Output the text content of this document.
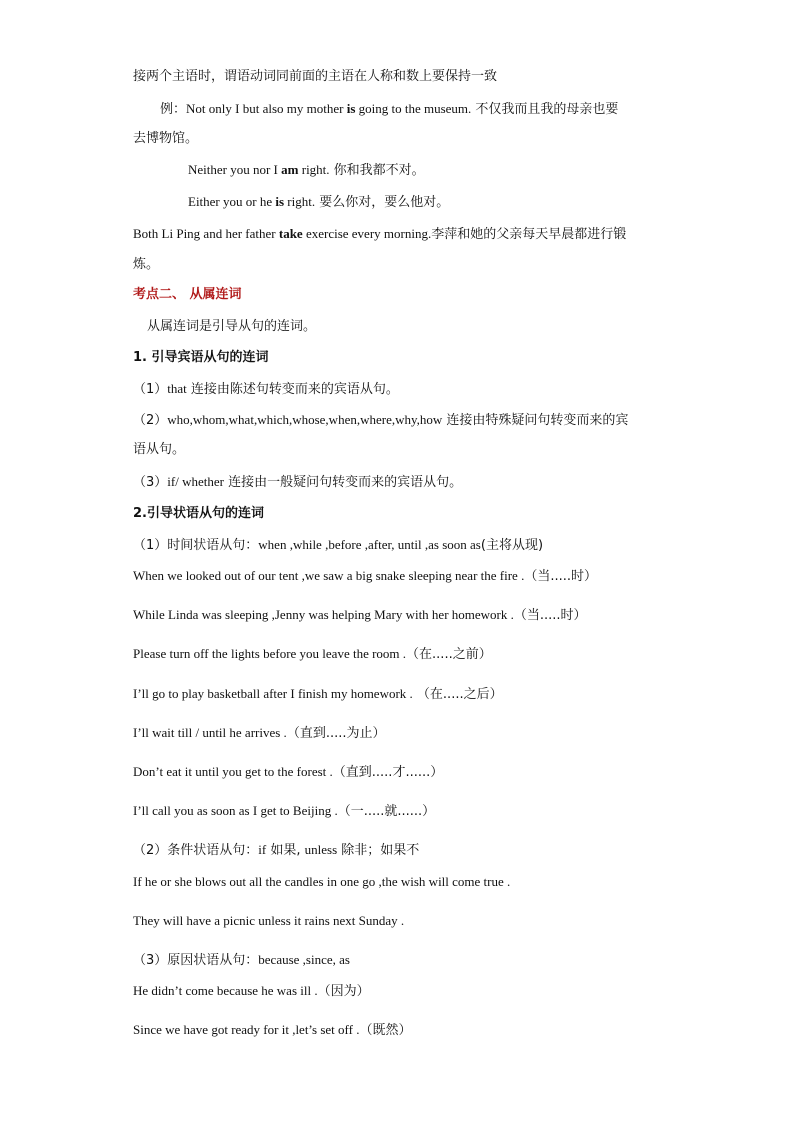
接两个主语时，谓语动词同前面的主语在人称和数上要保持一致
例：Not only I but also my mother is going to the museum. 不仅我而且我的母亲也要
去博物馆。
Neither you nor I am right. 你和我都不对。
Either you or he is right. 要么你对，要么他对。
Both Li Ping and her father take exercise every morning.李萍和她的父亲每天早晨都进行锻
炼。
考点二、 从属连词
从属连词是引导从句的连词。
1. 引导宾语从句的连词
（1）that 连接由陈述句转变而来的宾语从句。
（2）who,whom,what,which,whose,when,where,why,how 连接由特殊疑问句转变而来的宾
语从句。
（3）if/ whether 连接由一般疑问句转变而来的宾语从句。
2.引导状语从句的连词
（1）时间状语从句：when ,while ,before ,after, until ,as soon as(主将从现)
When we looked out of our tent ,we saw a big snake sleeping near the fire .（当.....时）
While Linda was sleeping ,Jenny was helping Mary with her homework .（当.....时）
Please turn off the lights before you leave the room .（在.....之前）
I’ll go to play basketball after I finish my homework . （在.....之后）
I’ll wait till / until he arrives .（直到.....为止）
Don’t eat it until you get to the forest .（直到.....才......）
I’ll call you as soon as I get to Beijing .（一.....就......）
（2）条件状语从句：if 如果, unless 除非；如果不
If he or she blows out all the candles in one go ,the wish will come true .
They will have a picnic unless it rains next Sunday .
（3）原因状语从句：because ,since, as
He didn’t come because he was ill .（因为）
Since we have got ready for it ,let’s set off .（既然）
